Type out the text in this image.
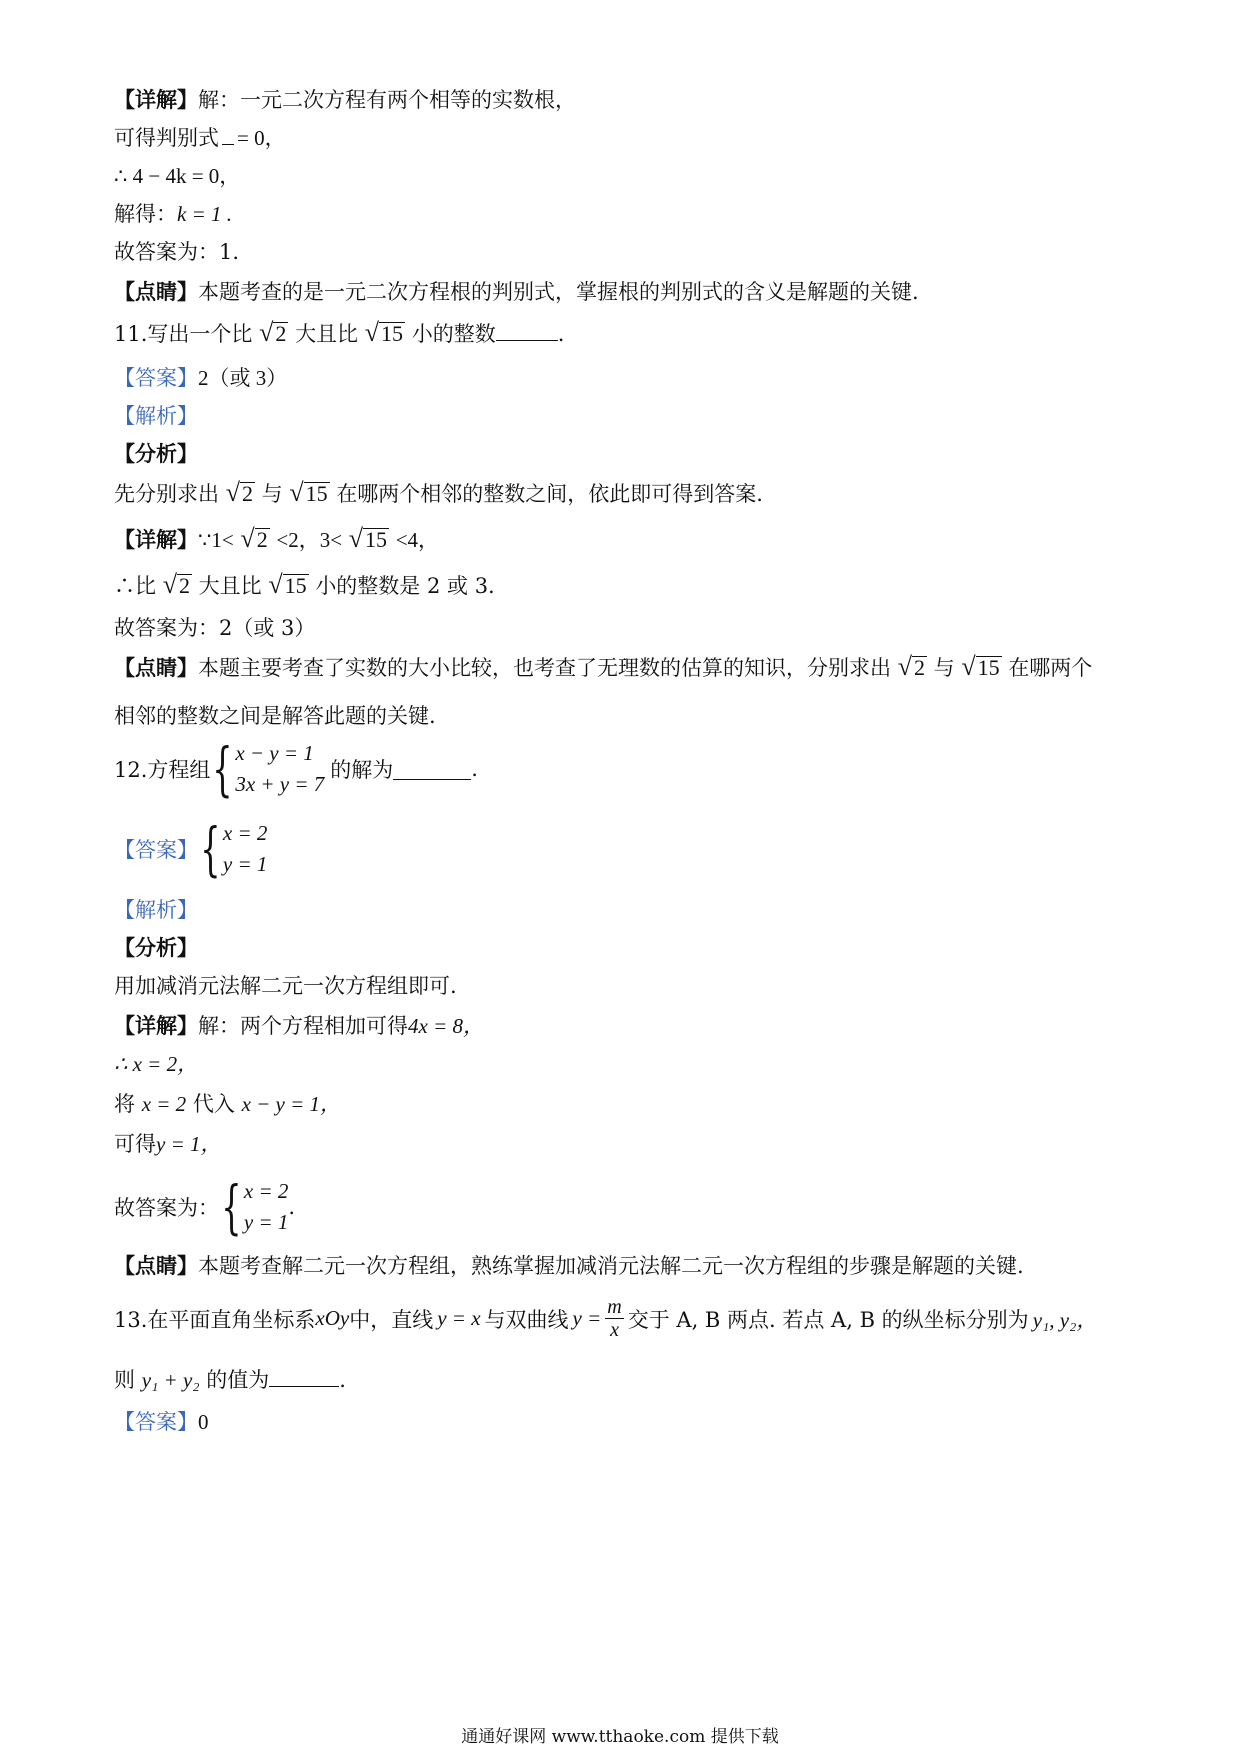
【详解】解：一元二次方程有两个相等的实数根，
可得判别式 = 0，
∴ 4 − 4k = 0，
解得：k = 1 .
故答案为：1.
【点睛】本题考查的是一元二次方程根的判别式，掌握根的判别式的含义是解题的关键.
11.写出一个比 √ 2 大且比 √ 15 小的整数	.
【答案】2（或 3）
【解析】
【分析】
先分别求出 √ 2 与 √ 15 在哪两个相邻的整数之间，依此即可得到答案.
【详解】∵1< √ 2 <2，3< √ 15 <4，
∴比 √ 2 大且比 √ 15 小的整数是 2 或 3.
故答案为：2（或 3）
【点睛】本题主要考查了实数的大小比较，也考查了无理数的估算的知识，分别求出 √ 2 与 √ 15 在哪两个
相邻的整数之间是解答此题的关键.
12.方程组 { x − y = 1
3x + y = 7
的解为	.
【答案】 { x = 2
y = 1
【解析】
【分析】
用加减消元法解二元一次方程组即可.
【详解】解：两个方程相加可得4x = 8，
∴ x = 2，
将 x = 2 代入 x − y = 1，
可得y = 1，
故答案为： { x = 2
y = 1
.
【点睛】本题考查解二元一次方程组，熟练掌握加减消元法解二元一次方程组的步骤是解题的关键.
13.在平面直角坐标系 xOy 中，直线 y = x 与双曲线 $y = \frac{m}{x}$ 交于 A, B 两点. 若点 A, B 的纵坐标分别为 y₁, y₂，
则 y₁ + y₂ 的值为	.
【答案】0
通通好课网 www.tthaoke.com 提供下载
